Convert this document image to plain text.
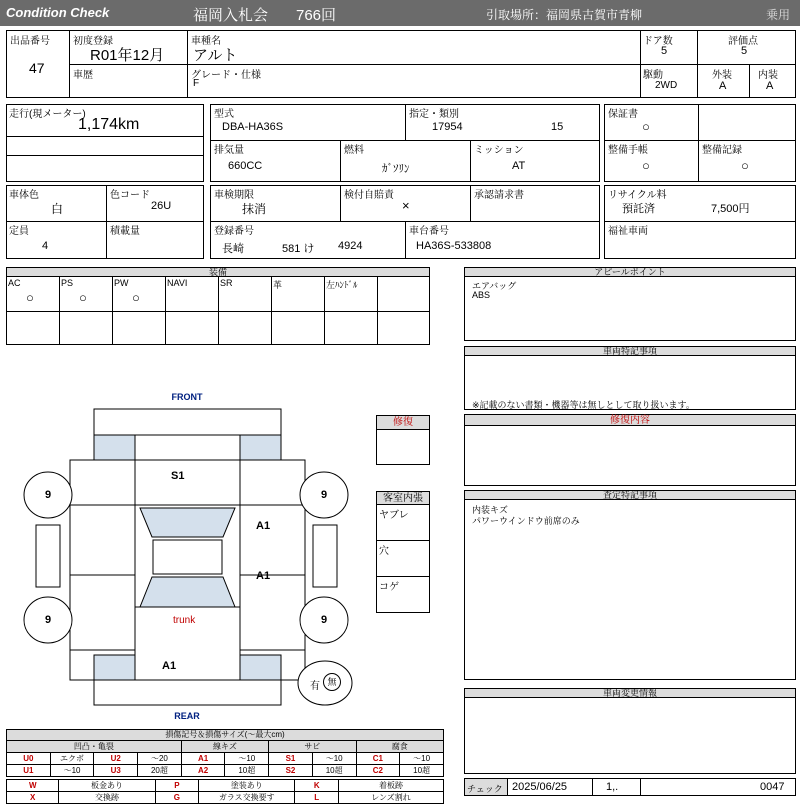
Condition Check	福岡入札会 766回	引取場所：福岡県古賀市青柳	乗用
出品番号
47
初度登録
R01年12月
車歴
車種名
アルト
グレード・仕様
F
ドア数
5
駆動
2WD
評価点
5
外装
A
内装
A
走行(現メーター)
1,174km
型式
DBA-HA36S
指定・類別
17954	15
排気量
660CC
燃料
ｶﾞｿﾘﾝ
ミッション
AT
保証書
○
整備手帳
○
整備記録
○
車体色
白
色コード
26U
定員
4
積載量
車検期限
抹消
検付自賠責
×
承認請求書
登録番号
長崎	581 け 4924
車台番号
HA36S-533808
リサイクル料
預託済	7,500円
福祉車両
装備
AC
○
PS
○
PW
○
NAVI	SR	革	左ﾊﾝﾄﾞﾙ
アピールポイント
エアバッグ
ABS
車両特記事項
※記載のない書類・機器等は無しとして取り扱います。
修復内容
査定特記事項
内装キズ
パワーウインドウ前席のみ
車両変更情報
チェック 2025/06/25	1,.	0047
修復
客室内張
ヤブレ
穴
コゲ
FRONT
REAR
trunk
S1
A1
A1
A1
9	9
9	9
有 無
損傷記号＆損傷サイズ(〜最大cm)
凹凸・亀裂				線キズ		サビ		腐食	
U0	エクボ	U2	〜20	A1	〜10	S1	〜10	C1	〜10
U1	〜10	U3	20超	A2	10超	S2	10超	C2	10超
W	板金あり	P	塗装あり	K	着板跡
X	交換跡	G	ガラス交換要す	L	レンズ割れ
